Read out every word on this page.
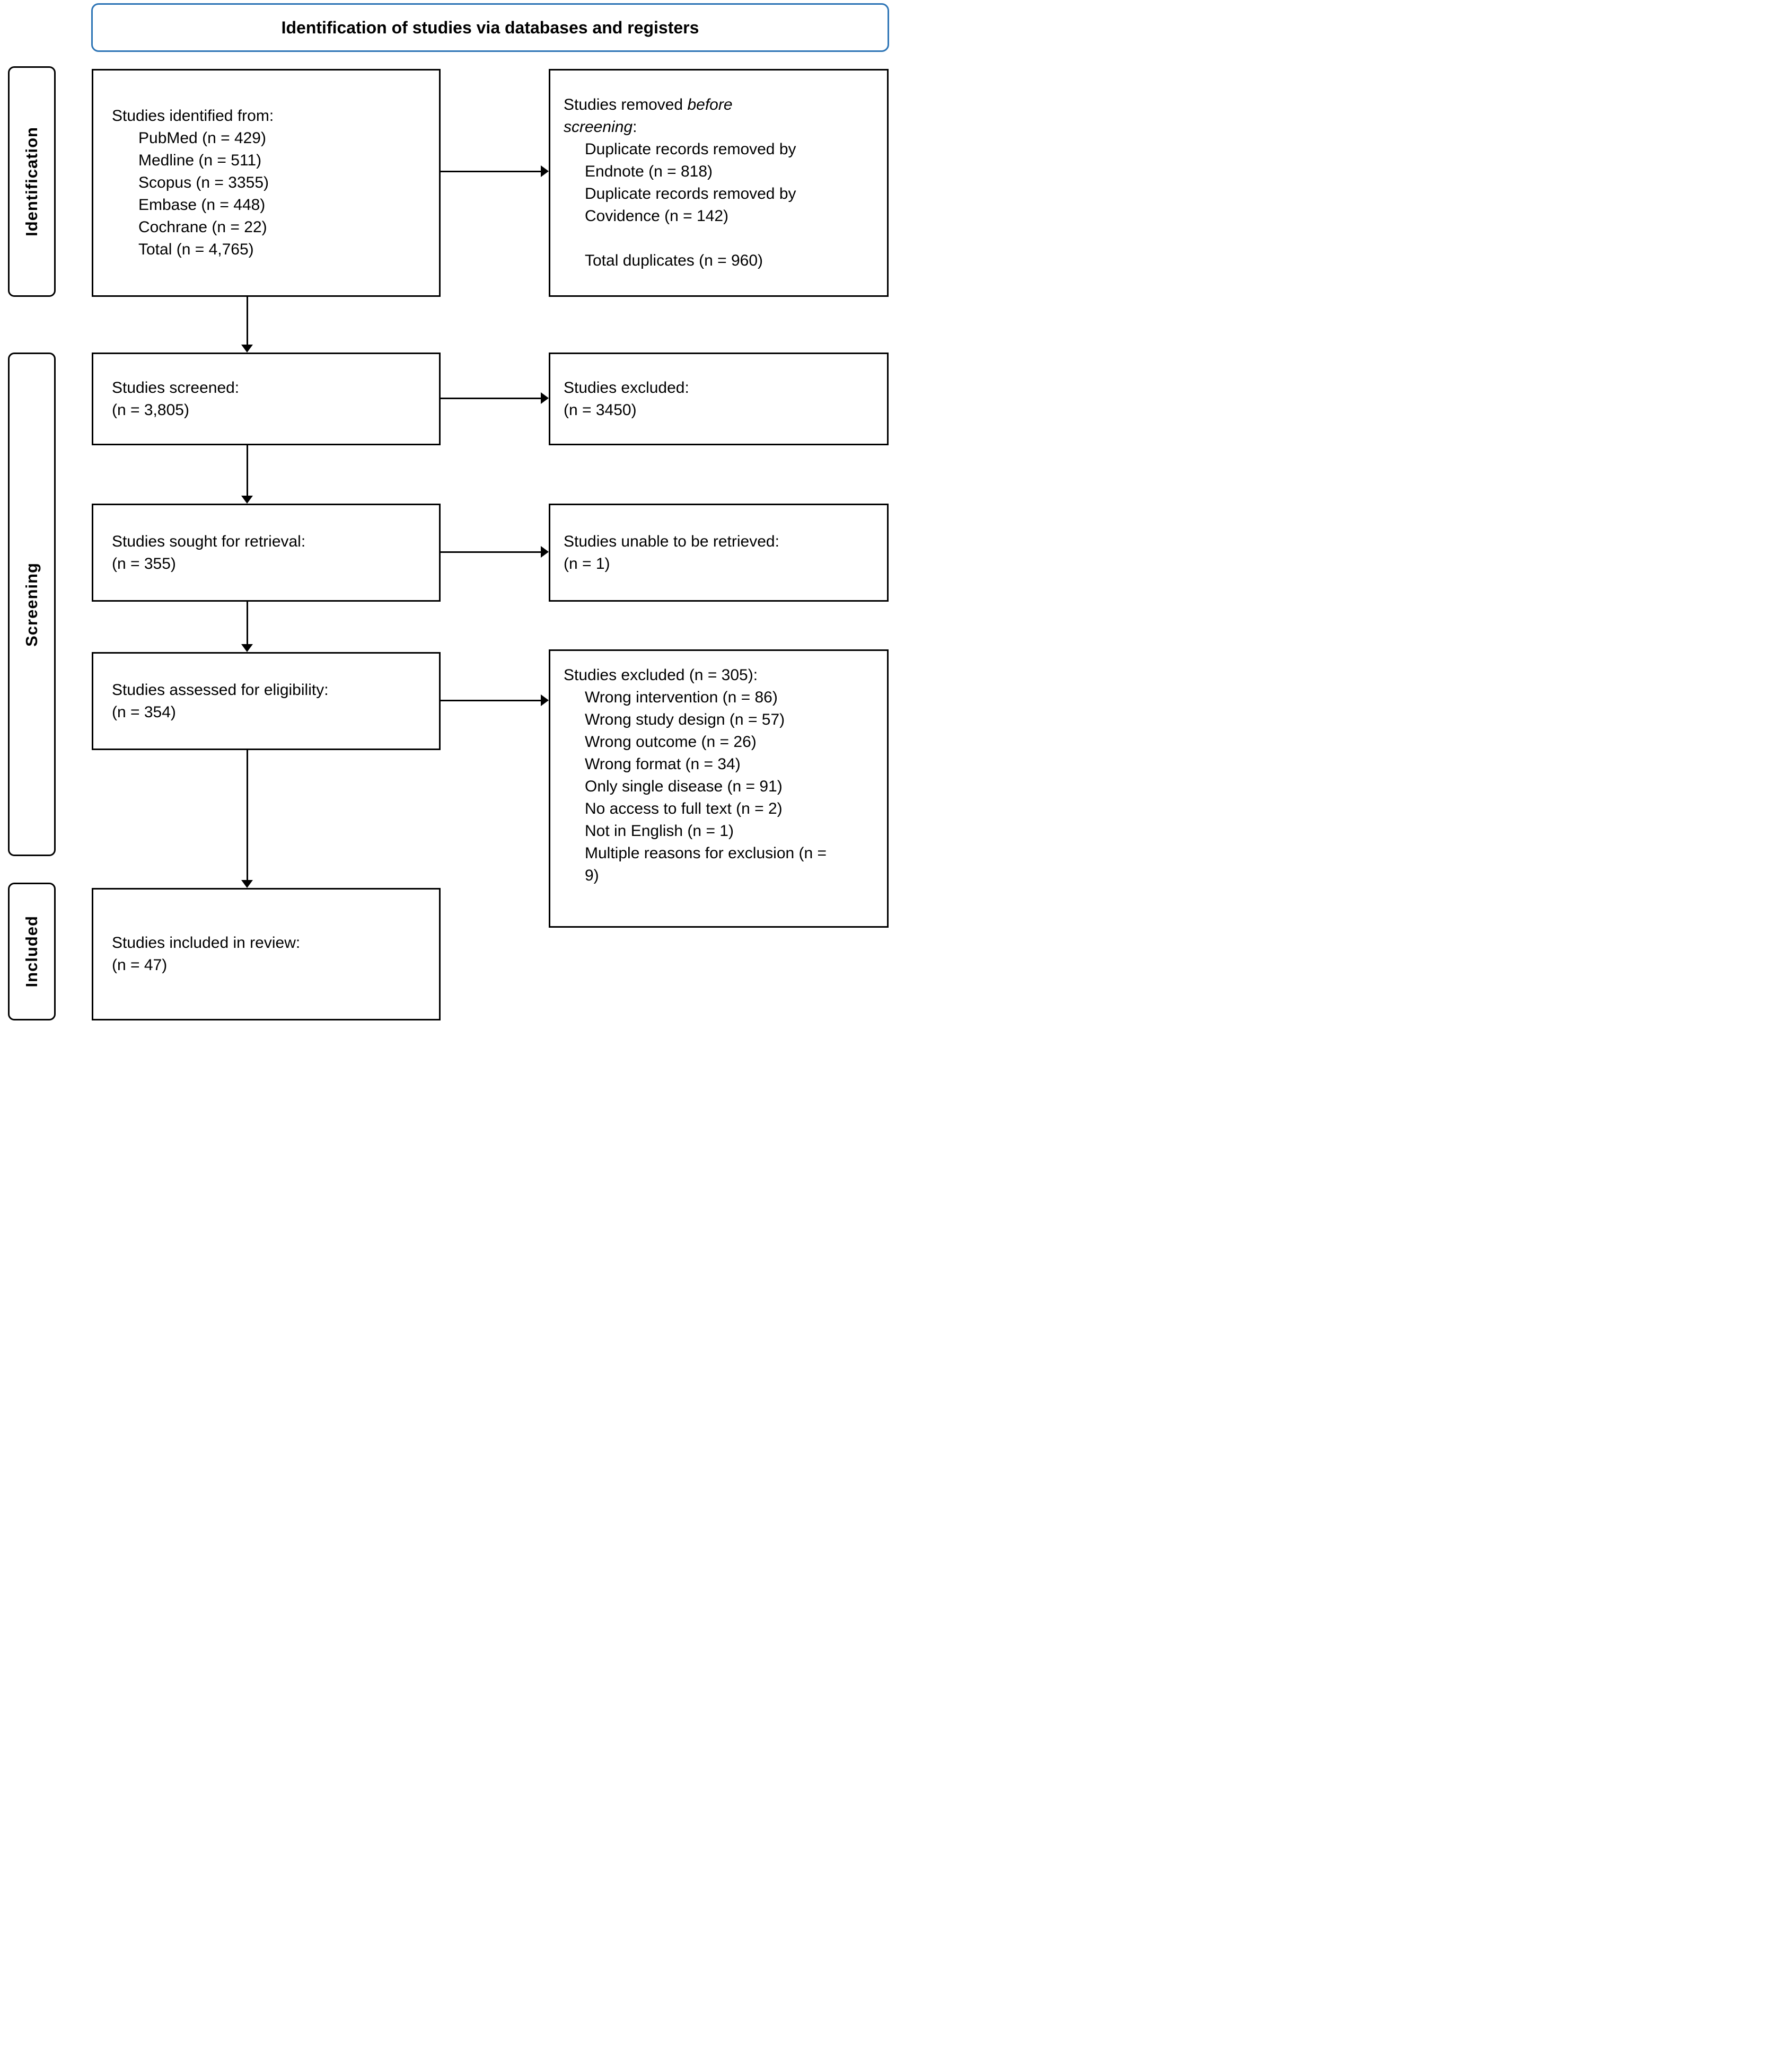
Identification of studies via databases and registers
Identification
Screening
Included
Studies identified from:
PubMed (n = 429)
Medline (n = 511)
Scopus (n = 3355)
Embase (n = 448)
Cochrane (n = 22)
Total (n = 4,765)
Studies screened:
(n = 3,805)
Studies sought for retrieval:
(n = 355)
Studies assessed for eligibility:
(n = 354)
Studies included in review:
(n = 47)
Studies removed before screening:
Duplicate records removed by Endnote (n = 818)
Duplicate records removed by Covidence (n = 142)
Total duplicates (n = 960)
Studies excluded:
(n = 3450)
Studies unable to be retrieved:
(n = 1)
Studies excluded (n = 305):
Wrong intervention (n = 86)
Wrong study design (n = 57)
Wrong outcome (n = 26)
Wrong format (n = 34)
Only single disease (n = 91)
No access to full text (n = 2)
Not in English (n = 1)
Multiple reasons for exclusion (n = 9)
